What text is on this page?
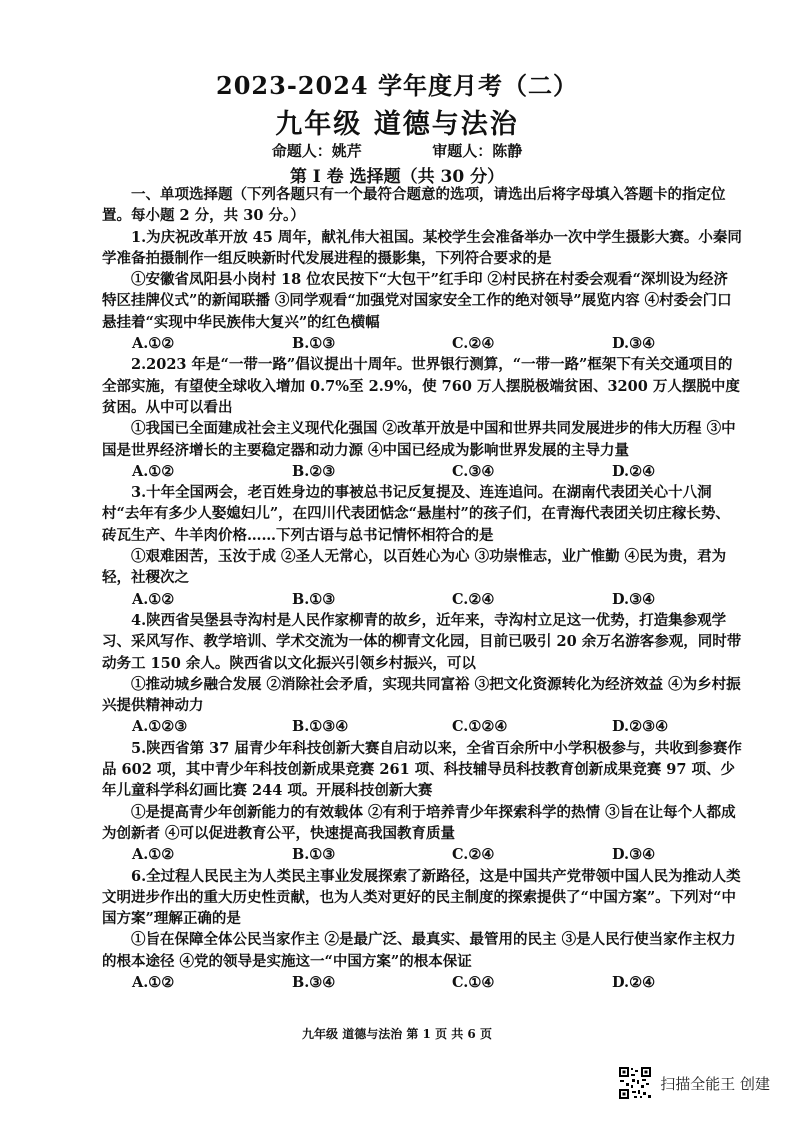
2023-2024 学年度月考（二）
九年级 道德与法治
命题人：姚芹	审题人：陈静
第 I 卷 选择题（共 30 分）

一、单项选择题（下列各题只有一个最符合题意的选项，请选出后将字母填入答题卡的指定位置。每小题 2 分，共 30 分。）

1.为庆祝改革开放 45 周年，献礼伟大祖国。某校学生会准备举办一次中学生摄影大赛。小秦同学准备拍摄制作一组反映新时代发展进程的摄影集，下列符合要求的是

①安徽省凤阳县小岗村 18 位农民按下“大包干”红手印 ②村民挤在村委会观看“深圳设为经济特区挂牌仪式”的新闻联播 ③同学观看“加强党对国家安全工作的绝对领导”展览内容 ④村委会门口悬挂着“实现中华民族伟大复兴”的红色横幅

A.①②	B.①③	C.②④	D.③④

2.2023 年是“一带一路”倡议提出十周年。世界银行测算，“一带一路”框架下有关交通项目的全部实施，有望使全球收入增加 0.7%至 2.9%，使 760 万人摆脱极端贫困、3200 万人摆脱中度贫困。从中可以看出

①我国已全面建成社会主义现代化强国 ②改革开放是中国和世界共同发展进步的伟大历程 ③中国是世界经济增长的主要稳定器和动力源 ④中国已经成为影响世界发展的主导力量

A.①②	B.②③	C.③④	D.②④

3.十年全国两会，老百姓身边的事被总书记反复提及、连连追问。在湖南代表团关心十八洞村“去年有多少人娶媳妇儿”，在四川代表团惦念“悬崖村”的孩子们，在青海代表团关切庄稼长势、砖瓦生产、牛羊肉价格……下列古语与总书记情怀相符合的是

①艰难困苦，玉汝于成 ②圣人无常心，以百姓心为心 ③功崇惟志，业广惟勤 ④民为贵，君为轻，社稷次之

A.①②	B.①③	C.②④	D.③④

4.陕西省吴堡县寺沟村是人民作家柳青的故乡，近年来，寺沟村立足这一优势，打造集参观学习、采风写作、教学培训、学术交流为一体的柳青文化园，目前已吸引 20 余万名游客参观，同时带动务工 150 余人。陕西省以文化振兴引领乡村振兴，可以

①推动城乡融合发展 ②消除社会矛盾，实现共同富裕 ③把文化资源转化为经济效益 ④为乡村振兴提供精神动力

A.①②③	B.①③④	C.①②④	D.②③④

5.陕西省第 37 届青少年科技创新大赛自启动以来，全省百余所中小学积极参与，共收到参赛作品 602 项，其中青少年科技创新成果竞赛 261 项、科技辅导员科技教育创新成果竞赛 97 项、少年儿童科学科幻画比赛 244 项。开展科技创新大赛

①是提高青少年创新能力的有效载体 ②有利于培养青少年探索科学的热情 ③旨在让每个人都成为创新者 ④可以促进教育公平，快速提高我国教育质量

A.①②	B.①③	C.②④	D.③④

6.全过程人民民主为人类民主事业发展探索了新路径，这是中国共产党带领中国人民为推动人类文明进步作出的重大历史性贡献，也为人类对更好的民主制度的探索提供了“中国方案”。下列对“中国方案”理解正确的是

①旨在保障全体公民当家作主 ②是最广泛、最真实、最管用的民主 ③是人民行使当家作主权力的根本途径 ④党的领导是实施这一“中国方案”的根本保证

A.①②	B.③④	C.①④	D.②④
九年级 道德与法治 第 1 页 共 6 页
扫描全能王 创建
